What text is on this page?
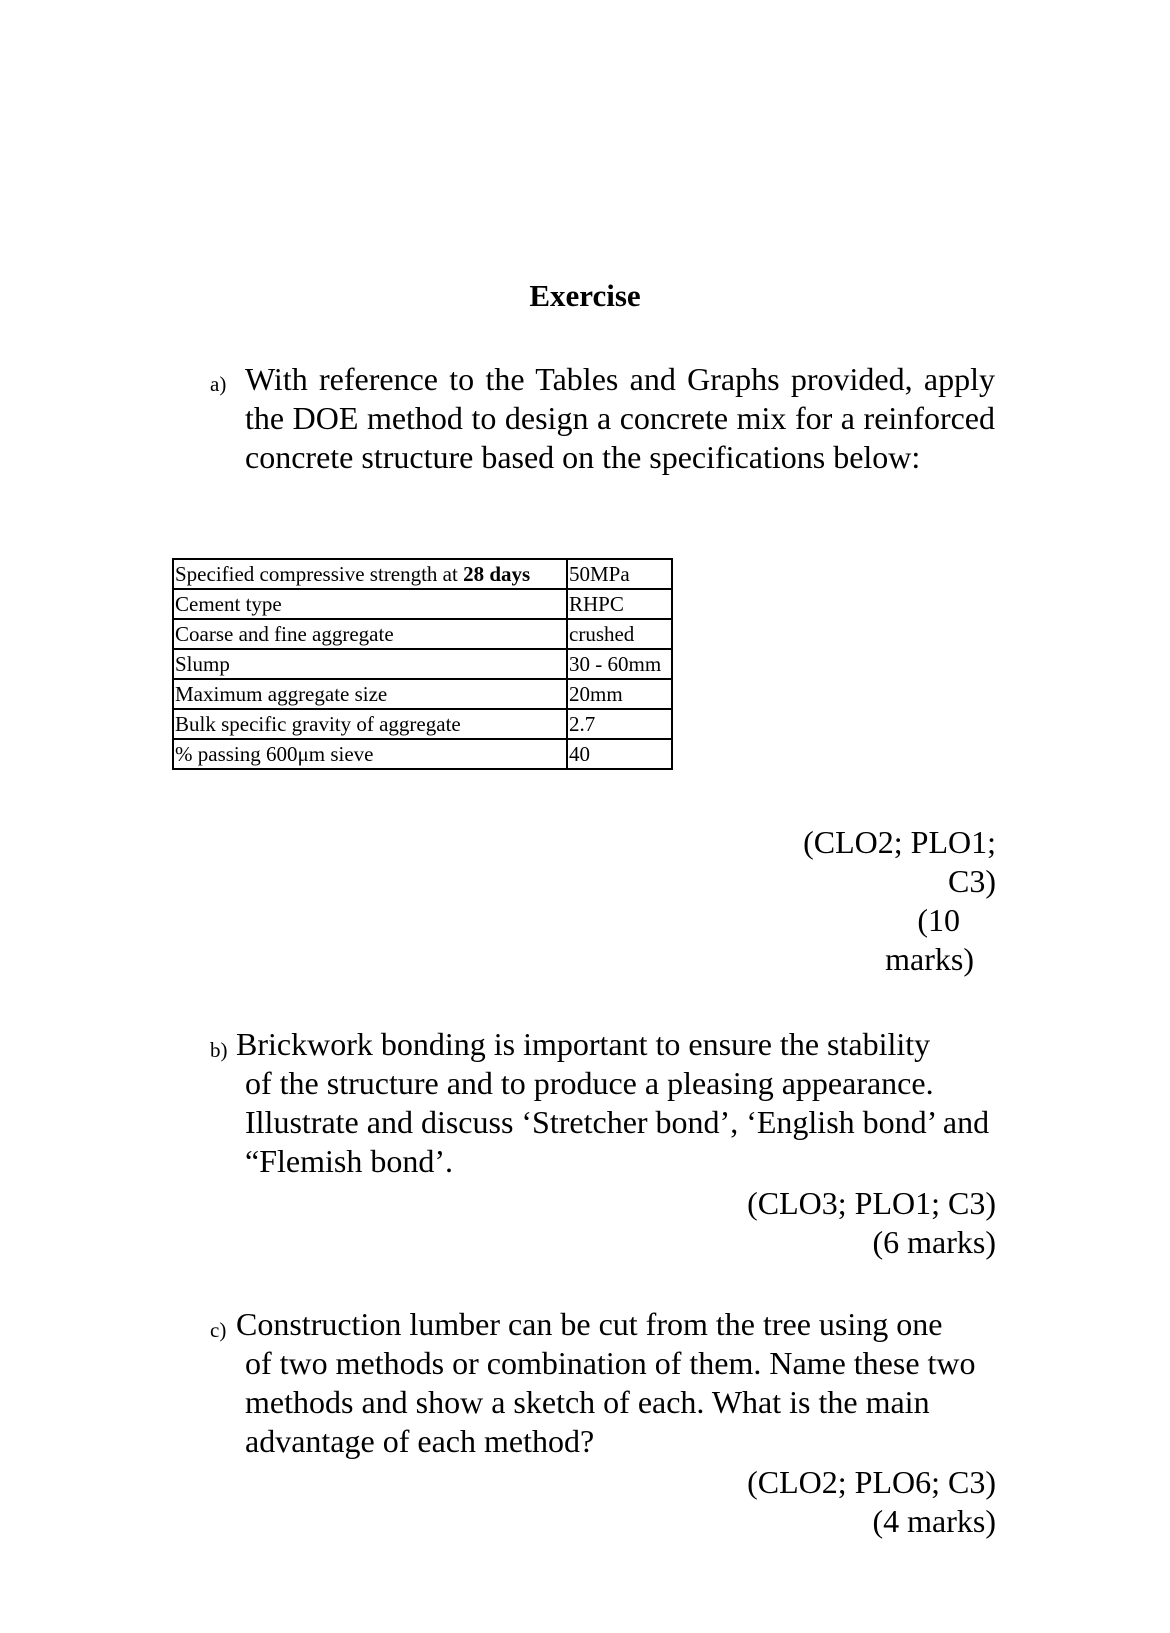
Exercise
a) With reference to the Tables and Graphs provided, apply the DOE method to design a concrete mix for a reinforced concrete structure based on the specifications below:
Specified compressive strength at 28 days	50MPa
Cement type	RHPC
Coarse and fine aggregate	crushed
Slump	30 - 60mm
Maximum aggregate size	20mm
Bulk specific gravity of aggregate	2.7
% passing 600μm sieve	40
(CLO2; PLO1;
C3)
(10
marks)
b) Brickwork bonding is important to ensure the stability
of the structure and to produce a pleasing appearance. Illustrate and discuss ‘Stretcher bond’, ‘English bond’ and “Flemish bond’.
(CLO3; PLO1; C3)
(6 marks)
c) Construction lumber can be cut from the tree using one
of two methods or combination of them. Name these two methods and show a sketch of each. What is the main advantage of each method?
(CLO2; PLO6; C3)
(4 marks)
